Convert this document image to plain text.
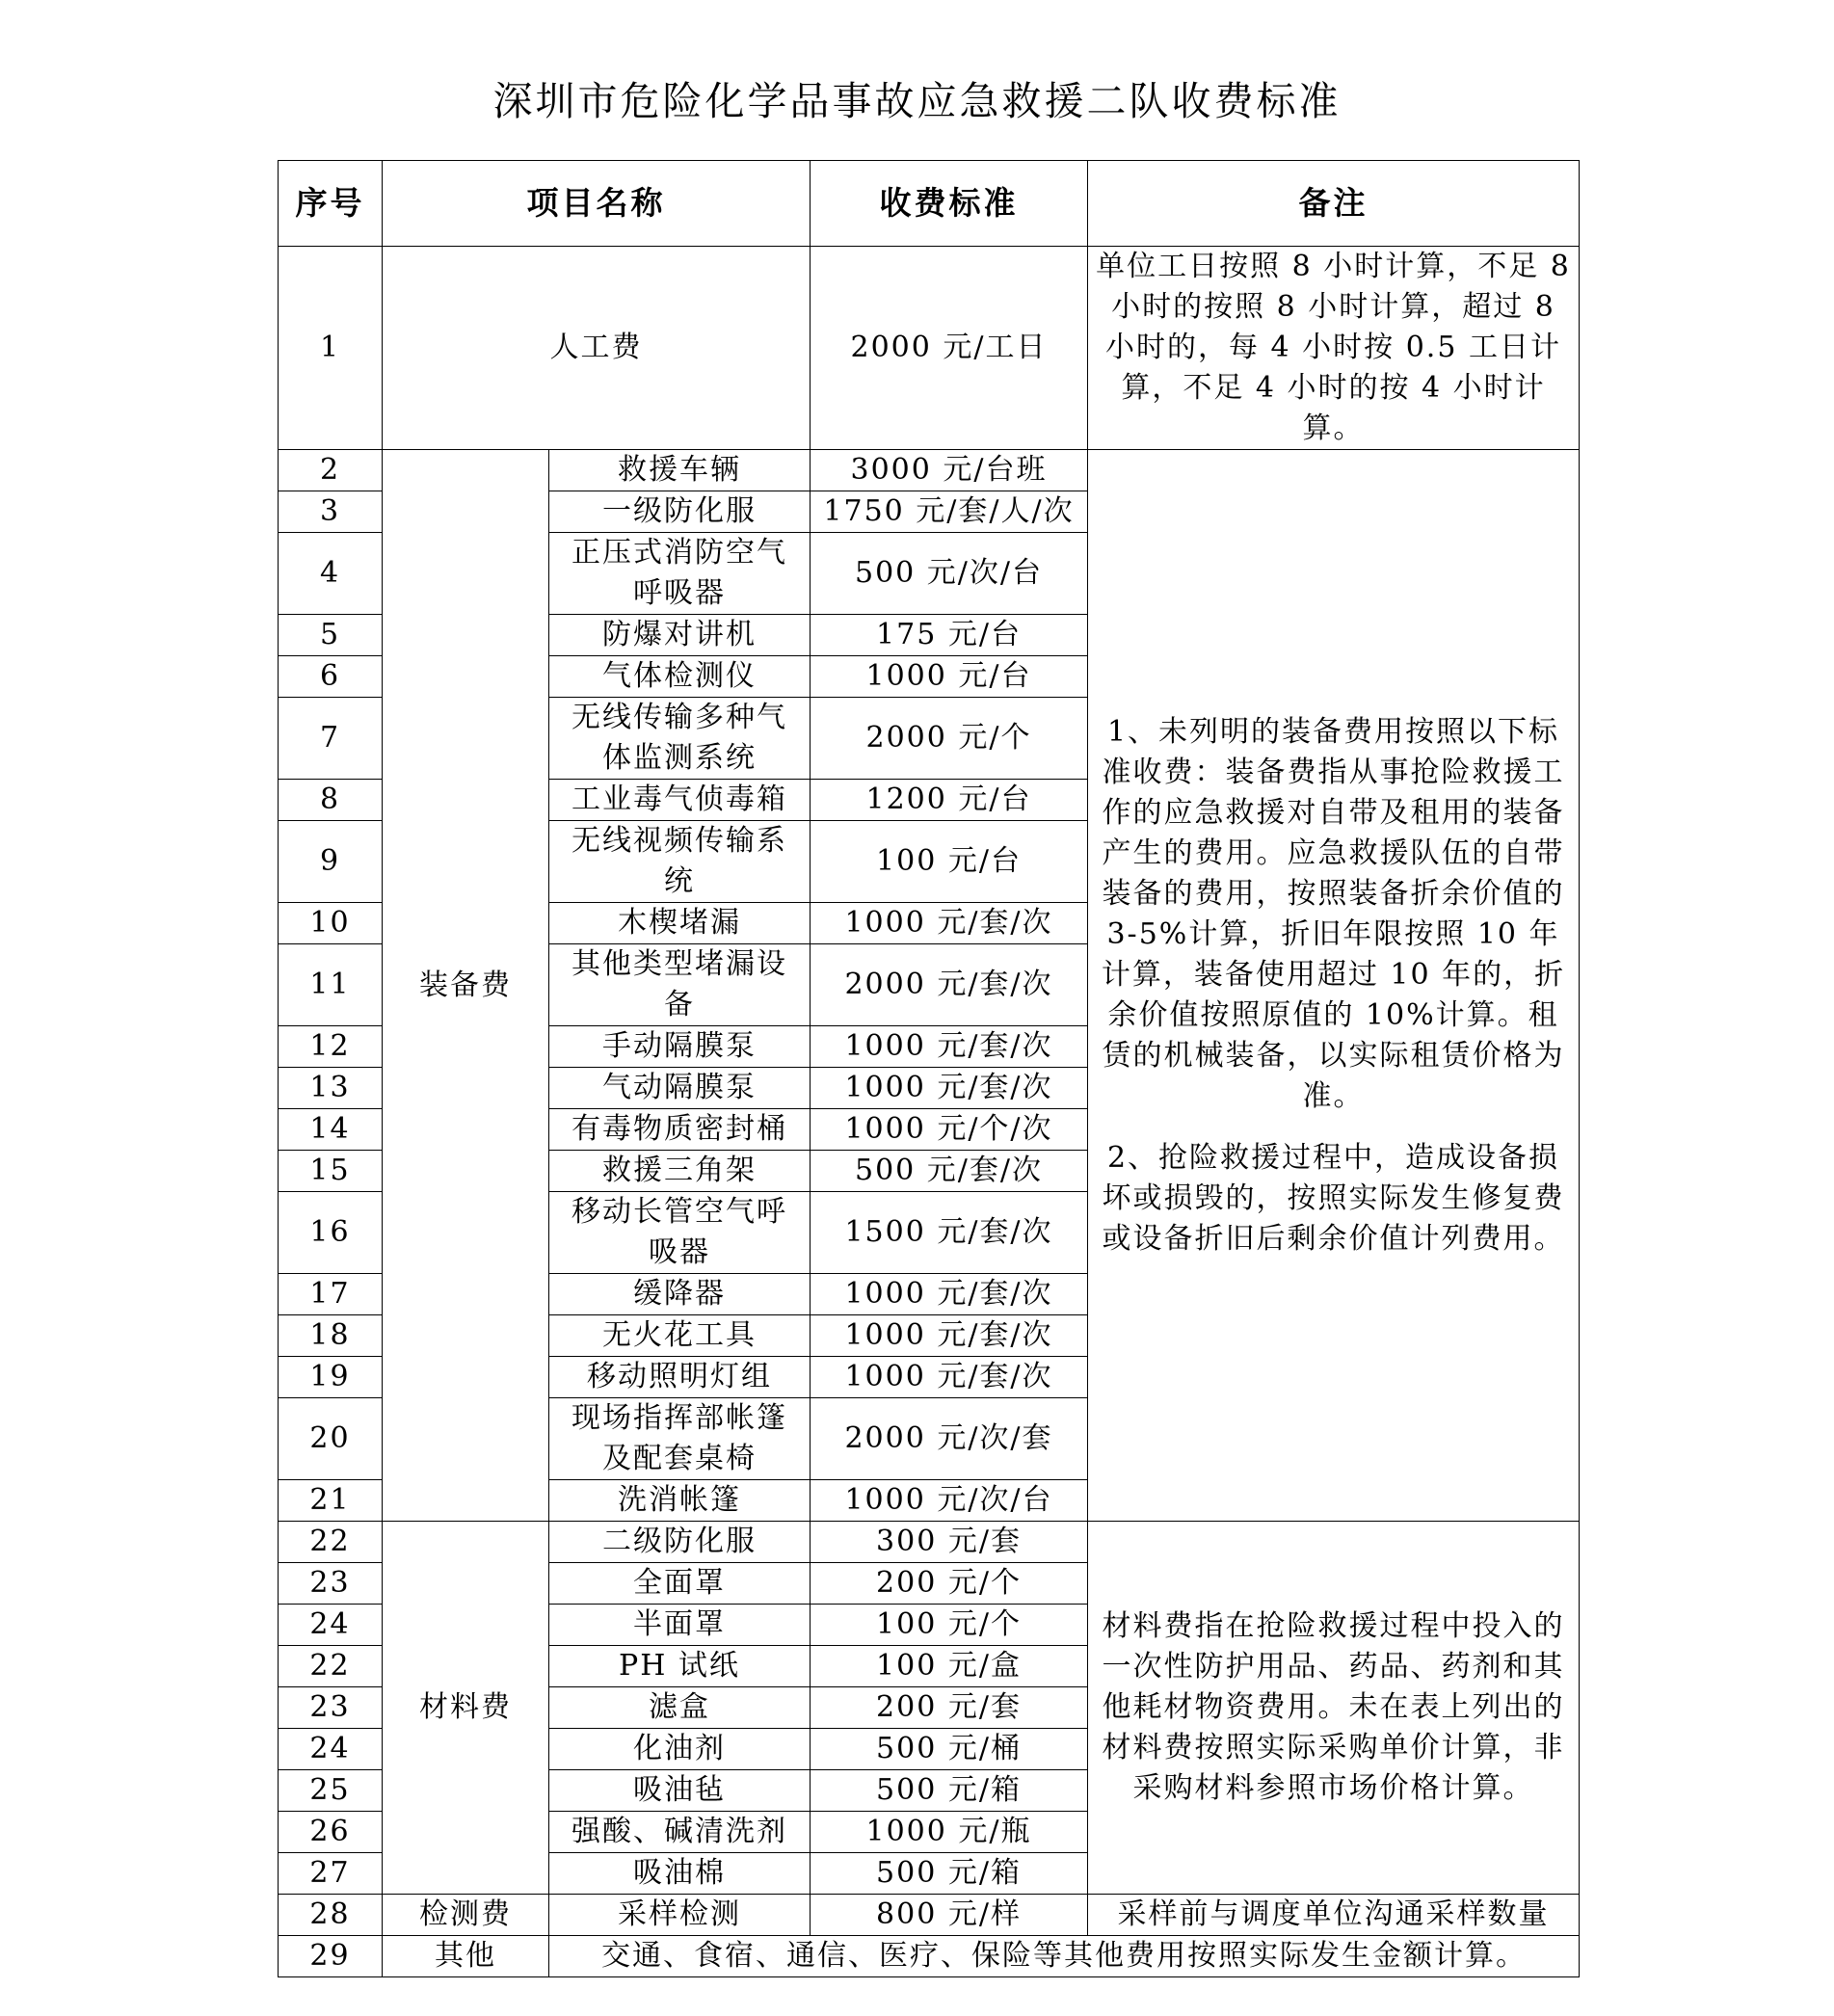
深圳市危险化学品事故应急救援二队收费标准
序号	项目名称		收费标准	备注
1	人工费		2000 元/工日	单位工日按照 8 小时计算，不足 8 小时的按照 8 小时计算，超过 8 小时的，每 4 小时按 0.5 工日计算，不足 4 小时的按 4 小时计算。
2	装备费	救援车辆	3000 元/台班	1、未列明的装备费用按照以下标准收费：装备费指从事抢险救援工作的应急救援对自带及租用的装备产生的费用。应急救援队伍的自带装备的费用，按照装备折余价值的 3-5%计算，折旧年限按照 10 年计算，装备使用超过 10 年的，折余价值按照原值的 10%计算。租赁的机械装备，以实际租赁价格为准。

2、抢险救援过程中，造成设备损坏或损毁的，按照实际发生修复费或设备折旧后剩余价值计列费用。

3		一级防化服	1750 元/套/人/次	
4		正压式消防空气呼吸器	500 元/次/台	
5		防爆对讲机	175 元/台	
6		气体检测仪	1000 元/台	
7		无线传输多种气体监测系统	2000 元/个	
8		工业毒气侦毒箱	1200 元/台	
9		无线视频传输系统	100 元/台	
10		木楔堵漏	1000 元/套/次	
11		其他类型堵漏设备	2000 元/套/次	
12		手动隔膜泵	1000 元/套/次	
13		气动隔膜泵	1000 元/套/次	
14		有毒物质密封桶	1000 元/个/次	
15		救援三角架	500 元/套/次	
16		移动长管空气呼吸器	1500 元/套/次	
17		缓降器	1000 元/套/次	
18		无火花工具	1000 元/套/次	
19		移动照明灯组	1000 元/套/次	
20		现场指挥部帐篷及配套桌椅	2000 元/次/套	
21		洗消帐篷	1000 元/次/台	
22	材料费	二级防化服	300 元/套	材料费指在抢险救援过程中投入的一次性防护用品、药品、药剂和其他耗材物资费用。未在表上列出的材料费按照实际采购单价计算，非采购材料参照市场价格计算。
23		全面罩	200 元/个	
24		半面罩	100 元/个	
22		PH 试纸	100 元/盒	
23		滤盒	200 元/套	
24		化油剂	500 元/桶	
25		吸油毡	500 元/箱	
26		强酸、碱清洗剂	1000 元/瓶	
27		吸油棉	500 元/箱	
28	检测费	采样检测	800 元/样	采样前与调度单位沟通采样数量
29	其他	交通、食宿、通信、医疗、保险等其他费用按照实际发生金额计算。		
